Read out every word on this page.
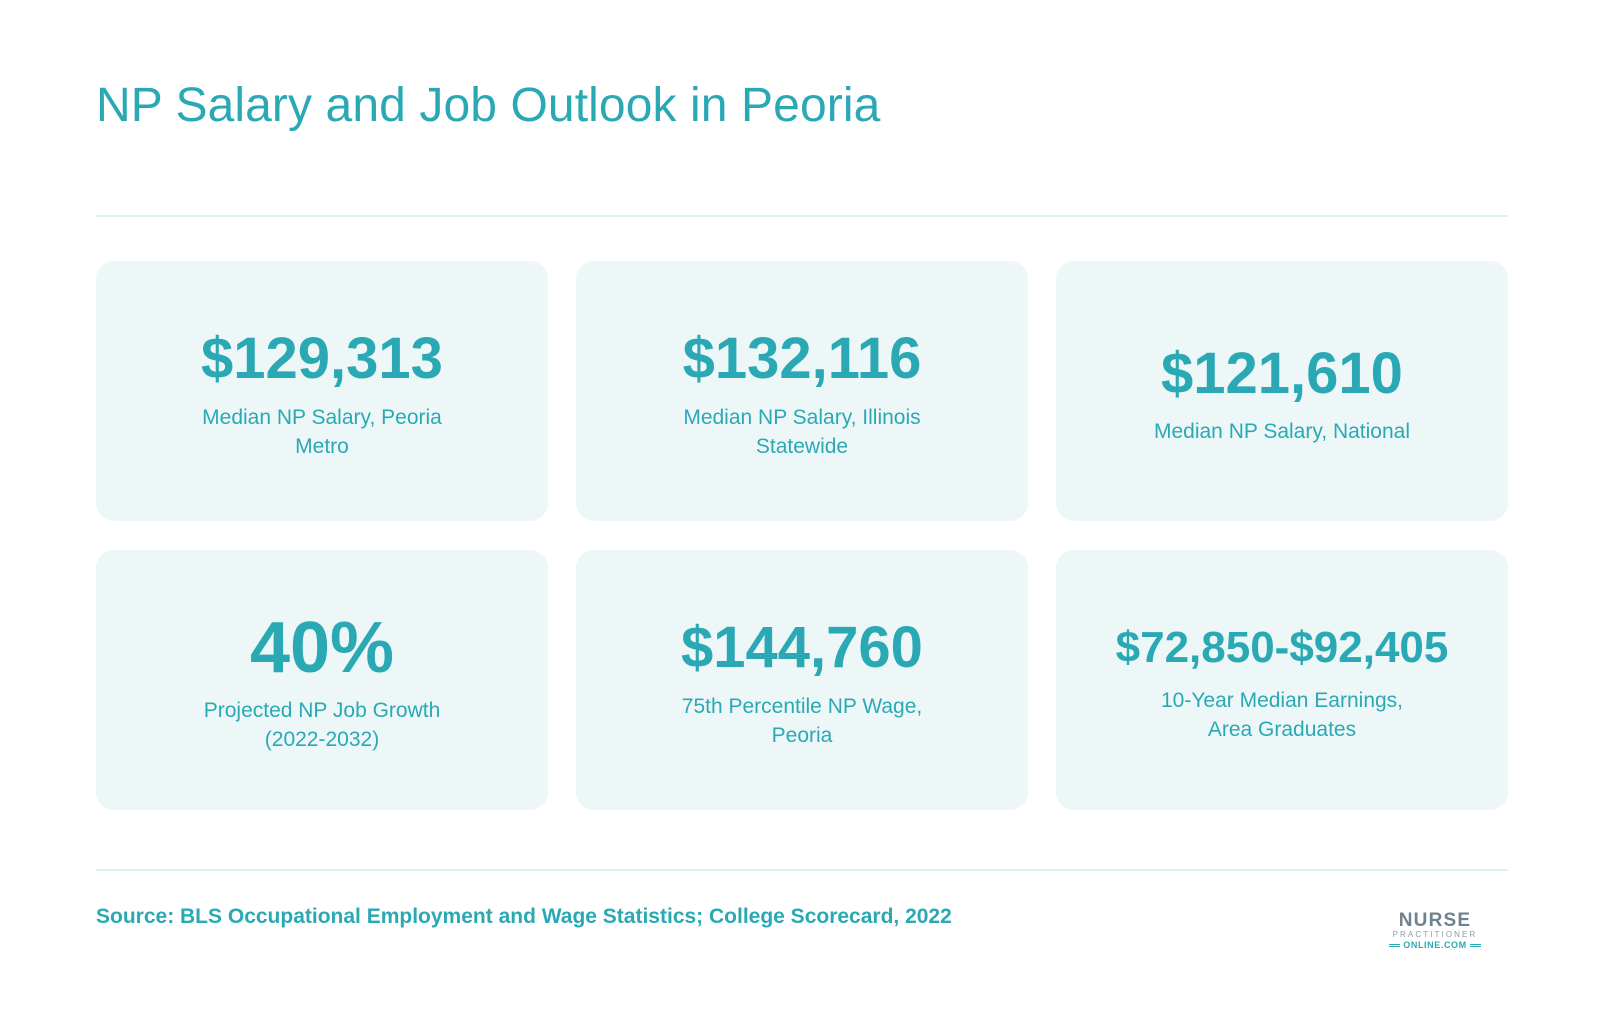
NP Salary and Job Outlook in Peoria
$129,313
Median NP Salary, Peoria Metro
$132,116
Median NP Salary, Illinois Statewide
$121,610
Median NP Salary, National
40%
Projected NP Job Growth (2022-2032)
$144,760
75th Percentile NP Wage, Peoria
$72,850-$92,405
10-Year Median Earnings, Area Graduates
Source: BLS Occupational Employment and Wage Statistics; College Scorecard, 2022	NURSE
PRACTITIONER
ONLINE.COM
